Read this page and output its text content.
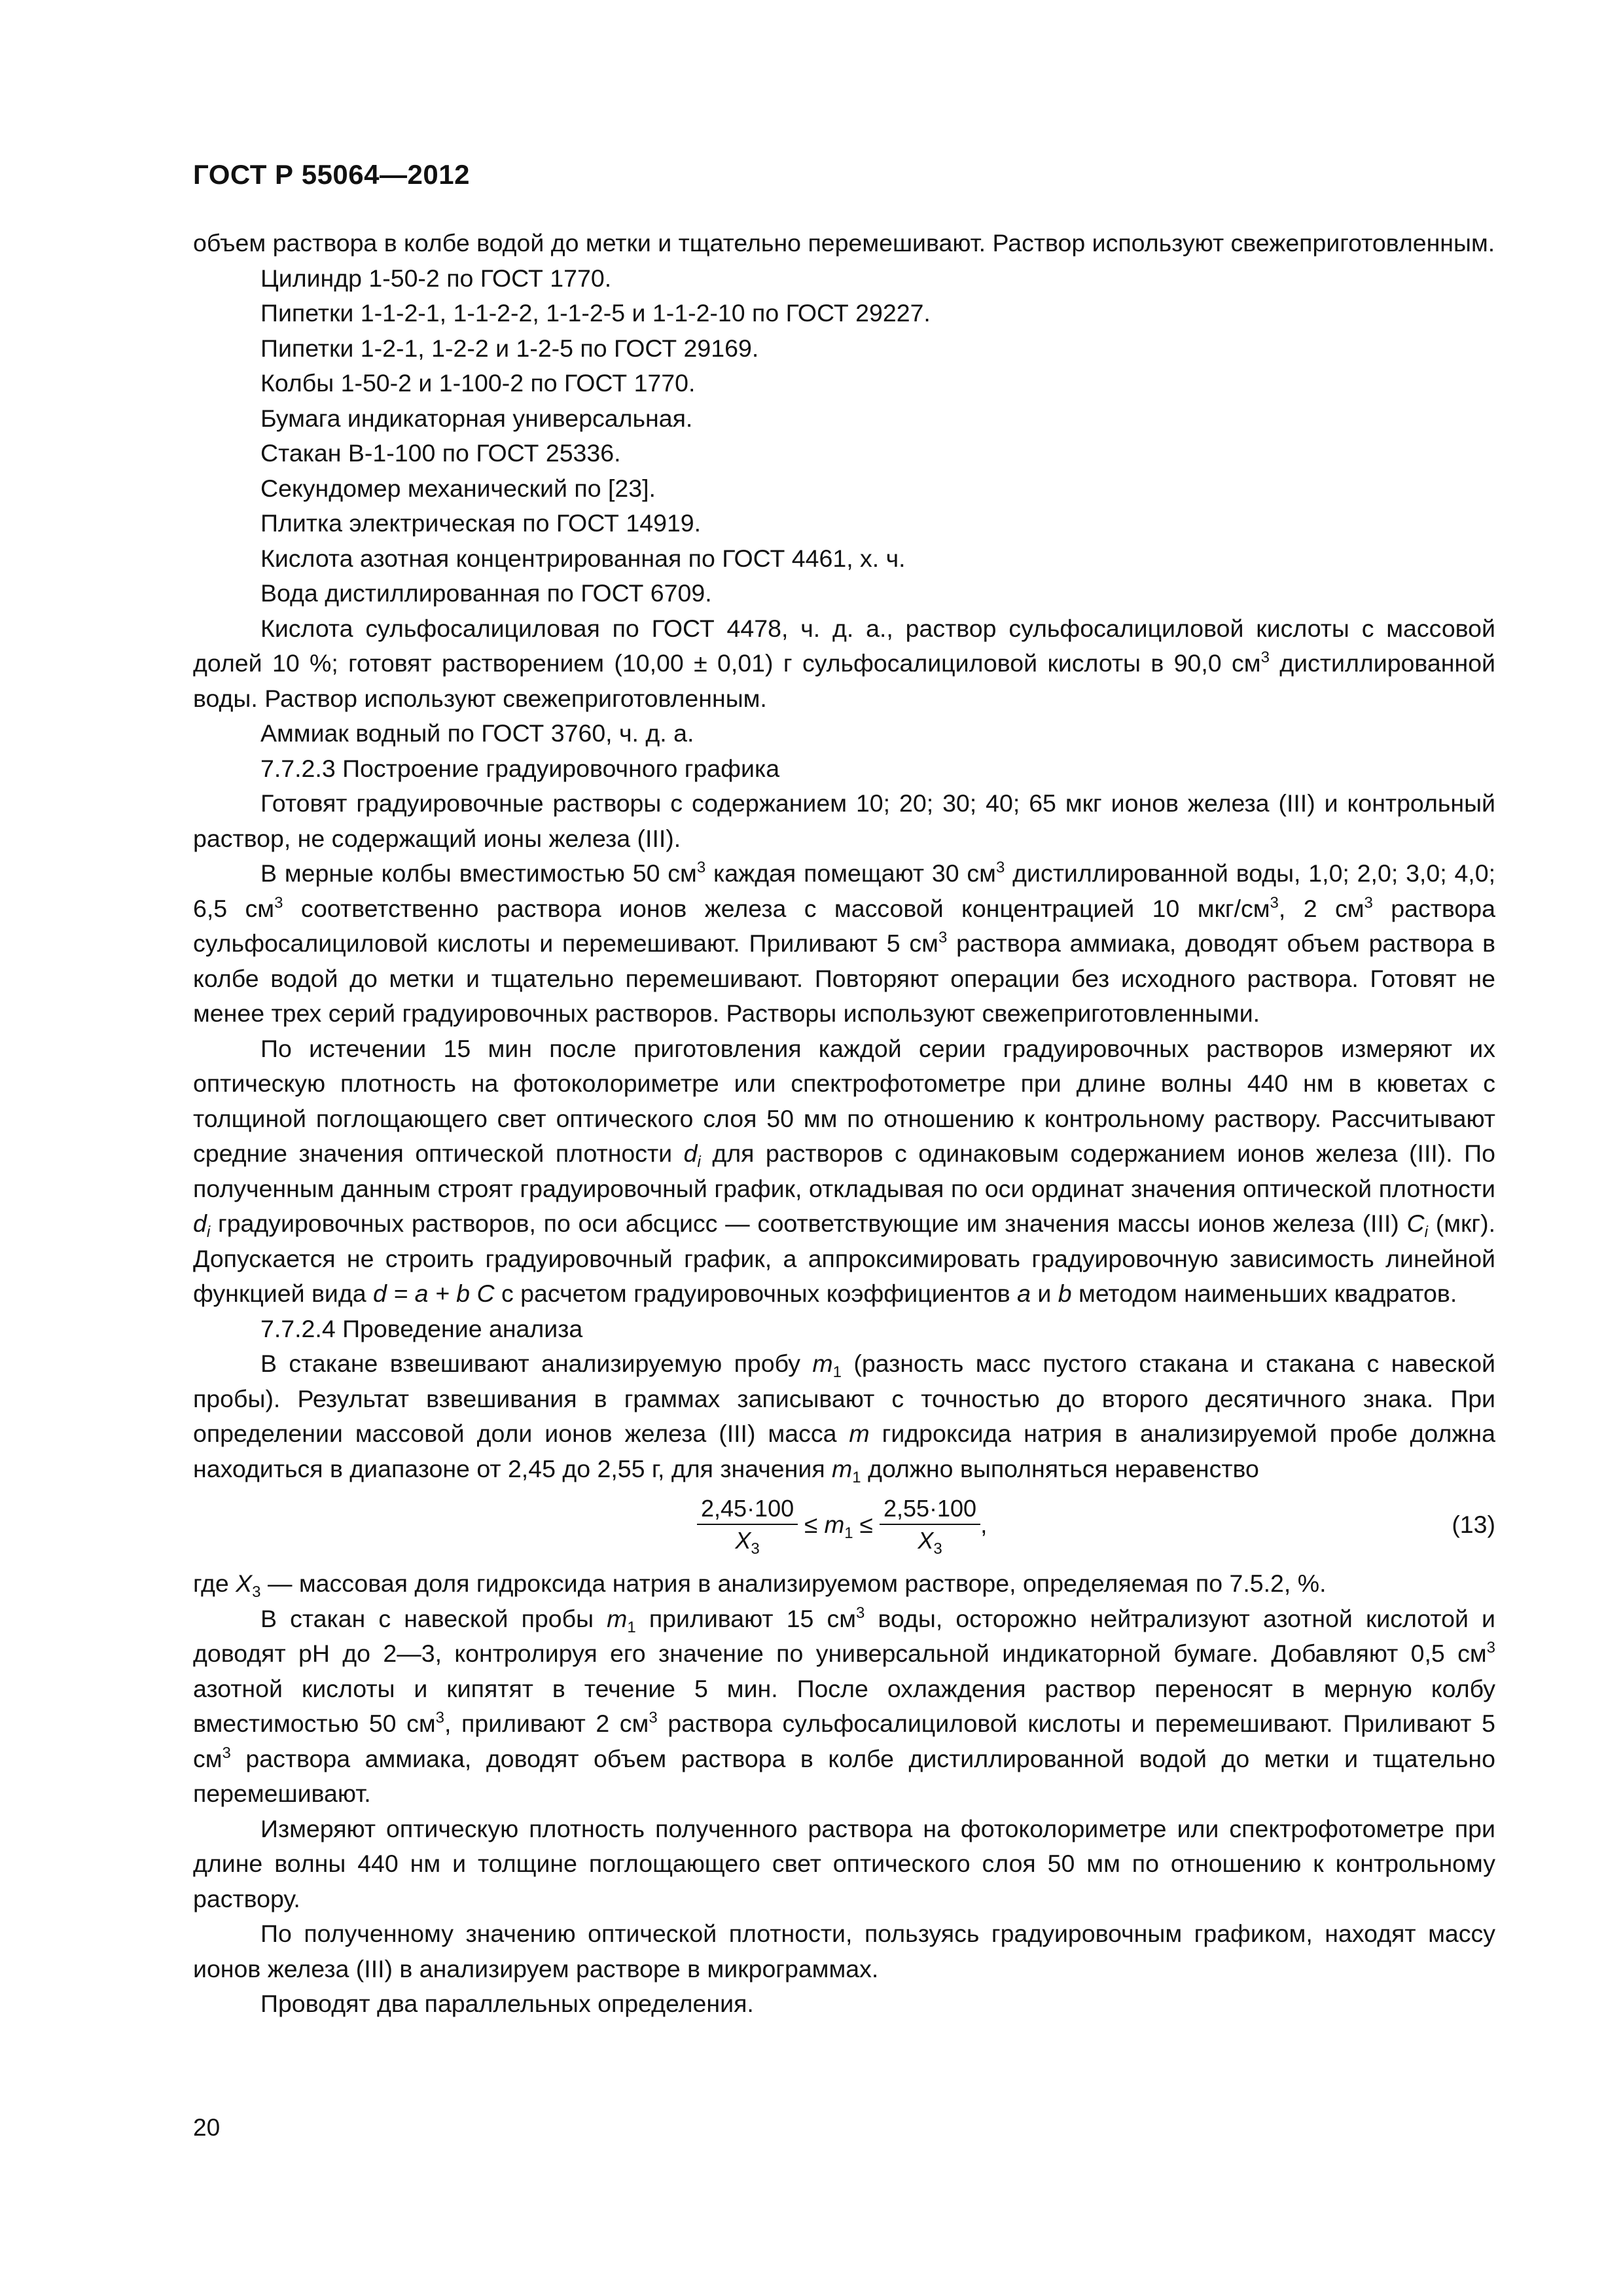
ГОСТ Р 55064—2012

объем раствора в колбе водой до метки и тщательно перемешивают. Раствор используют свежеприготовленным.

Цилиндр 1-50-2 по ГОСТ 1770.

Пипетки 1-1-2-1, 1-1-2-2, 1-1-2-5 и 1-1-2-10 по ГОСТ 29227.

Пипетки 1-2-1, 1-2-2 и 1-2-5 по ГОСТ 29169.

Колбы 1-50-2 и 1-100-2 по ГОСТ 1770.

Бумага индикаторная универсальная.

Стакан В-1-100 по ГОСТ 25336.

Секундомер механический по [23].

Плитка электрическая по ГОСТ 14919.

Кислота азотная концентрированная по ГОСТ 4461, х. ч.

Вода дистиллированная по ГОСТ 6709.

Кислота сульфосалициловая по ГОСТ 4478, ч. д. а., раствор сульфосалициловой кислоты с массовой долей 10 %; готовят растворением (10,00 ± 0,01) г сульфосалициловой кислоты в 90,0 $см^3$ дистиллированной воды. Раствор используют свежеприготовленным.

Аммиак водный по ГОСТ 3760, ч. д. а.

7.7.2.3 Построение градуировочного графика

Готовят градуировочные растворы с содержанием 10; 20; 30; 40; 65 мкг ионов железа (III) и контрольный раствор, не содержащий ионы железа (III).

В мерные колбы вместимостью 50 $см^3$ каждая помещают 30 $см^3$ дистиллированной воды, 1,0; 2,0; 3,0; 4,0; 6,5 $см^3$ соответственно раствора ионов железа с массовой концентрацией 10 мкг/$см^3$, 2 $см^3$ раствора сульфосалициловой кислоты и перемешивают. Приливают 5 $см^3$ раствора аммиака, доводят объем раствора в колбе водой до метки и тщательно перемешивают. Повторяют операции без исходного раствора. Готовят не менее трех серий градуировочных растворов. Растворы используют свежеприготовленными.

По истечении 15 мин после приготовления каждой серии градуировочных растворов измеряют их оптическую плотность на фотоколориметре или спектрофотометре при длине волны 440 нм в кюветах с толщиной поглощающего свет оптического слоя 50 мм по отношению к контрольному раствору. Рассчитывают средние значения оптической плотности $d_i$ для растворов с одинаковым содержанием ионов железа (III). По полученным данным строят градуировочный график, откладывая по оси ординат значения оптической плотности $d_i$ градуировочных растворов, по оси абсцисс — соответствующие им значения массы ионов железа (III) $C_i$ (мкг). Допускается не строить градуировочный график, а аппроксимировать градуировочную зависимость линейной функцией вида d = a + b C с расчетом градуировочных коэффициентов a и b методом наименьших квадратов.

7.7.2.4 Проведение анализа

В стакане взвешивают анализируемую пробу $m_1$ (разность масс пустого стакана и стакана с навеской пробы). Результат взвешивания в граммах записывают с точностью до второго десятичного знака. При определении массовой доли ионов железа (III) масса m гидроксида натрия в анализируемой пробе должна находиться в диапазоне от 2,45 до 2,55 г, для значения $m_1$ должно выполняться неравенство

$\frac{2,45\cdot 100}{X_3} \le m_1 \le \frac{2,55\cdot 100}{X_3}$ ,	(13)

где $X_3$ — массовая доля гидроксида натрия в анализируемом растворе, определяемая по 7.5.2, %.

В стакан с навеской пробы $m_1$ приливают 15 $см^3$ воды, осторожно нейтрализуют азотной кислотой и доводят рН до 2—3, контролируя его значение по универсальной индикаторной бумаге. Добавляют 0,5 $см^3$ азотной кислоты и кипятят в течение 5 мин. После охлаждения раствор переносят в мерную колбу вместимостью 50 $см^3$, приливают 2 $см^3$ раствора сульфосалициловой кислоты и перемешивают. Приливают 5 $см^3$ раствора аммиака, доводят объем раствора в колбе дистиллированной водой до метки и тщательно перемешивают.

Измеряют оптическую плотность полученного раствора на фотоколориметре или спектрофотометре при длине волны 440 нм и толщине поглощающего свет оптического слоя 50 мм по отношению к контрольному раствору.

По полученному значению оптической плотности, пользуясь градуировочным графиком, находят массу ионов железа (III) в анализируем растворе в микрограммах.

Проводят два параллельных определения.

20
